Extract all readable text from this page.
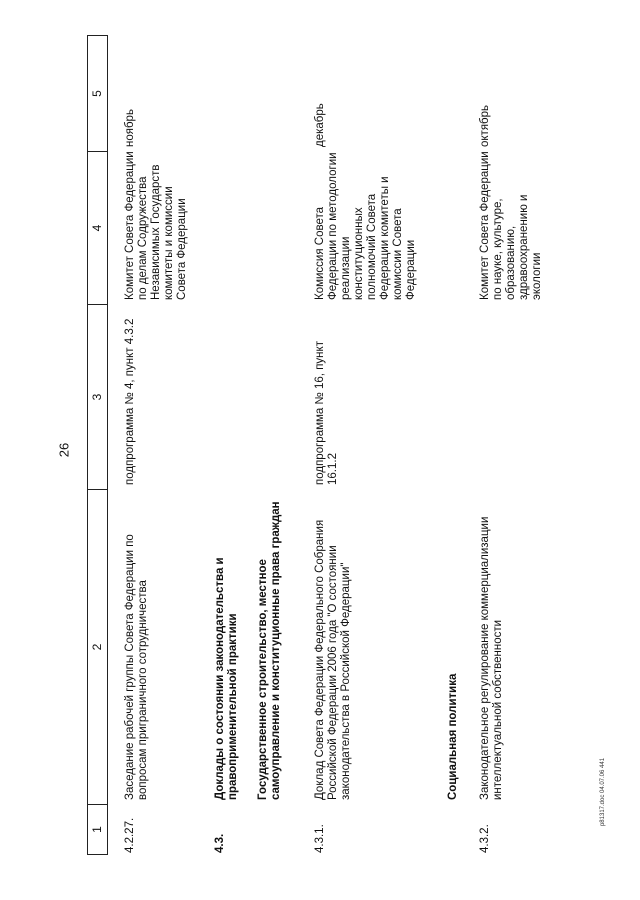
26
p81317.doc 04.07.06 441
1
2
3
4
5
4.2.27.
Заседание рабочей группы Совета Федерации по вопросам приграничного сотрудничества
подпрограмма № 4, пункт 4.3.2
Комитет Совета Федерации по делам Содружества Независимых Государств комитеты и комиссии Совета Федерации
ноябрь
4.3.
Доклады о состоянии законодательства и правоприменительной практики Государственное строительство, местное самоуправление и конституционные права граждан
4.3.1.
Доклад Совета Федерации Федерального Собрания Российской Федерации 2006 года "О состоянии законодательства в Российской Федерации"
подпрограмма № 16, пункт 16.1.2
Комиссия Совета Федерации по методологии реализации конституционных полномочий Совета Федерации комитеты и комиссии Совета Федерации
декабрь
Социальная политика
4.3.2.
Законодательное регулирование коммерциализации интеллектуальной собственности
Комитет Совета Федерации по науке, культуре, образованию, здравоохранению и экологии
октябрь
